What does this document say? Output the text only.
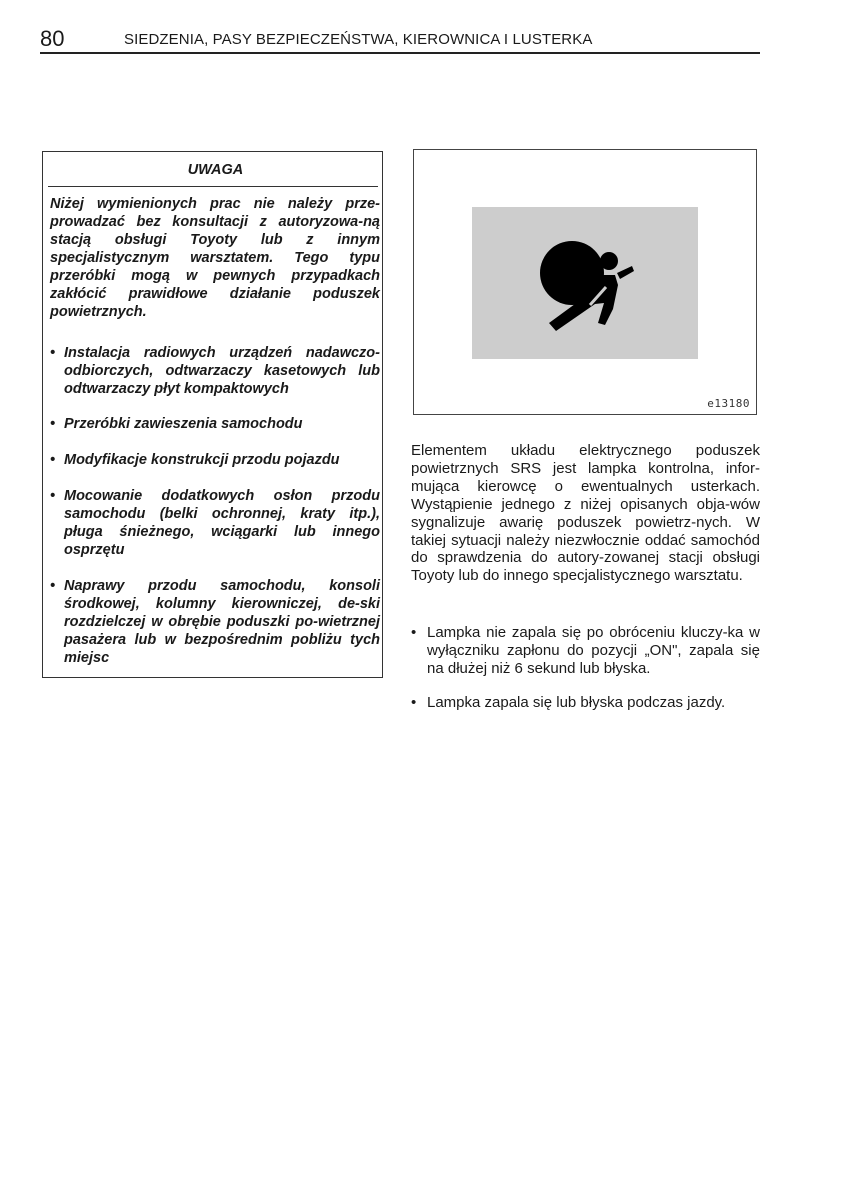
80	SIEDZENIA, PASY BEZPIECZEŃSTWA, KIEROWNICA I LUSTERKA
UWAGA

Niżej wymienionych prac nie należy prze-prowadzać bez konsultacji z autoryzowa-ną stacją obsługi Toyoty lub z innym specjalistycznym warsztatem. Tego typu przeróbki mogą w pewnych przypadkach zakłócić prawidłowe działanie poduszek powietrznych.

• Instalacja radiowych urządzeń nadawczo-odbiorczych, odtwarzaczy kasetowych lub odtwarzaczy płyt kompaktowych

• Przeróbki zawieszenia samochodu

• Modyfikacje konstrukcji przodu pojazdu

• Mocowanie dodatkowych osłon przodu samochodu (belki ochronnej, kraty itp.), pługa śnieżnego, wciągarki lub innego osprzętu

• Naprawy przodu samochodu, konsoli środkowej, kolumny kierowniczej, de-ski rozdzielczej w obrębie poduszki po-wietrznej pasażera lub w bezpośrednim pobliżu tych miejsc

e13180

Elementem układu elektrycznego poduszek powietrznych SRS jest lampka kontrolna, infor-mująca kierowcę o ewentualnych usterkach. Wystąpienie jednego z niżej opisanych obja-wów sygnalizuje awarię poduszek powietrz-nych. W takiej sytuacji należy niezwłocznie oddać samochód do sprawdzenia do autory-zowanej stacji obsługi Toyoty lub do innego specjalistycznego warsztatu.

• Lampka nie zapala się po obróceniu kluczy-ka w wyłączniku zapłonu do pozycji „ON", zapala się na dłużej niż 6 sekund lub błyska.

• Lampka zapala się lub błyska podczas jazdy.
